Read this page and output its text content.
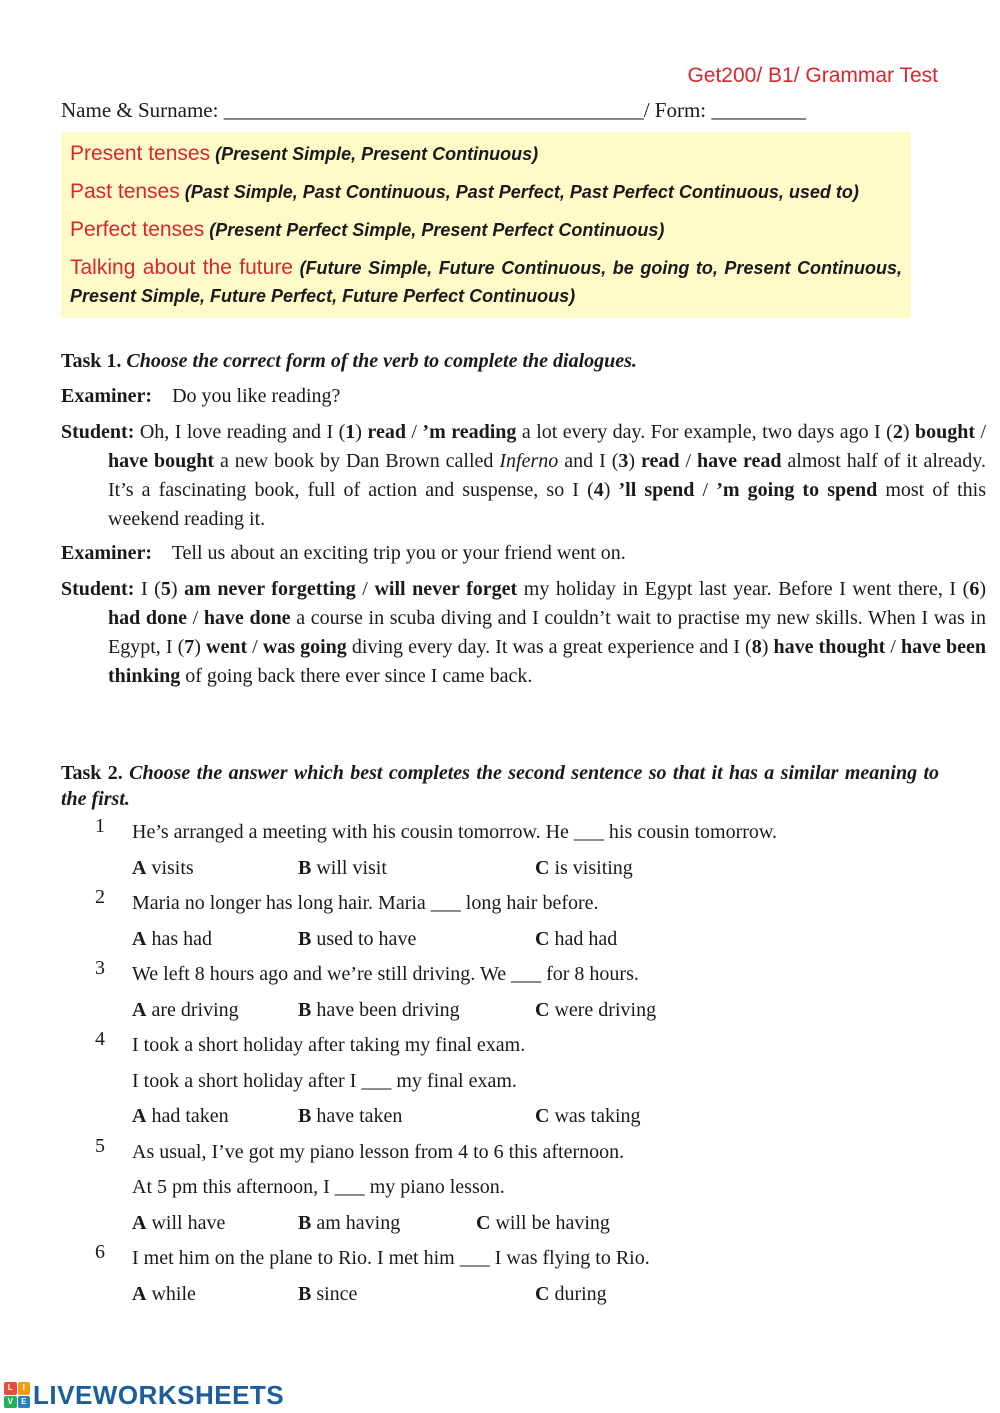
Get200/ B1/ Grammar Test
Name & Surname: ________________________________________/ Form: _________
Present tenses (Present Simple, Present Continuous)
Past tenses (Past Simple, Past Continuous, Past Perfect, Past Perfect Continuous, used to)
Perfect tenses (Present Perfect Simple, Present Perfect Continuous)
Talking about the future (Future Simple, Future Continuous, be going to, Present Continuous, Present Simple, Future Perfect, Future Perfect Continuous)
Task 1. Choose the correct form of the verb to complete the dialogues.
Examiner: Do you like reading?
Student: Oh, I love reading and I (1) read / ’m reading a lot every day. For example, two days ago I (2) bought / have bought a new book by Dan Brown called Inferno and I (3) read / have read almost half of it already. It’s a fascinating book, full of action and suspense, so I (4) ’ll spend / ’m going to spend most of this weekend reading it.
Examiner: Tell us about an exciting trip you or your friend went on.
Student: I (5) am never forgetting / will never forget my holiday in Egypt last year. Before I went there, I (6) had done / have done a course in scuba diving and I couldn’t wait to practise my new skills. When I was in Egypt, I (7) went / was going diving every day. It was a great experience and I (8) have thought / have been thinking of going back there ever since I came back.
Task 2. Choose the answer which best completes the second sentence so that it has a similar meaning to the first.
1	He’s arranged a meeting with his cousin tomorrow. He ___ his cousin tomorrow.
A visits	B will visit	C is visiting
2	Maria no longer has long hair. Maria ___ long hair before.
A has had	B used to have	C had had
3	We left 8 hours ago and we’re still driving. We ___ for 8 hours.
A are driving	B have been driving	C were driving
4	I took a short holiday after taking my final exam.
I took a short holiday after I ___ my final exam.
A had taken	B have taken	C was taking
5	As usual, I’ve got my piano lesson from 4 to 6 this afternoon.
At 5 pm this afternoon, I ___ my piano lesson.
A will have	B am having	C will be having
6	I met him on the plane to Rio. I met him ___ I was flying to Rio.
A while	B since	C during
L	I
V	E LIVEWORKSHEETS
